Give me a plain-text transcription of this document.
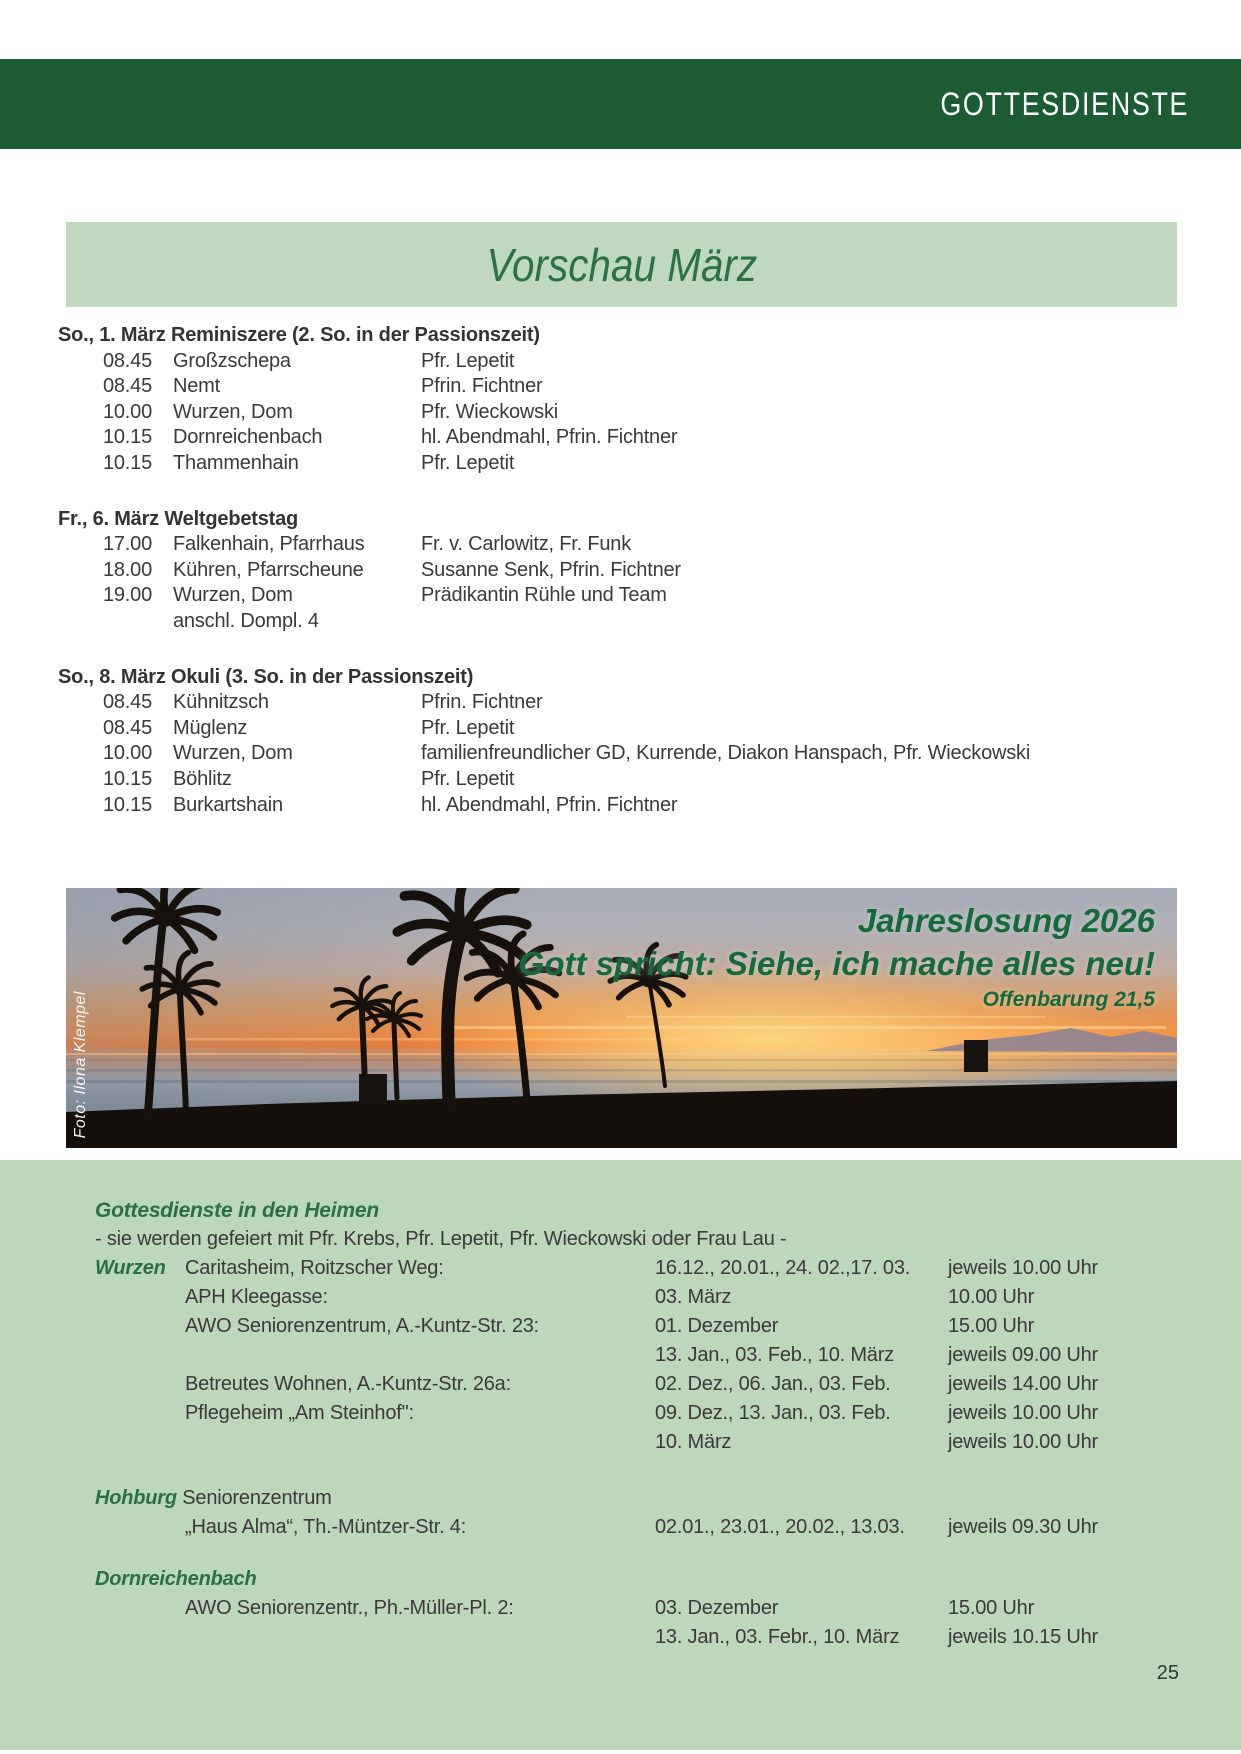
GOTTESDIENSTE
Vorschau März
So., 1. März Reminiszere (2. So. in der Passionszeit)
08.45 Großzschepa	Pfr. Lepetit
08.45 Nemt	Pfrin. Fichtner
10.00 Wurzen, Dom	Pfr. Wieckowski
10.15 Dornreichenbach	hl. Abendmahl, Pfrin. Fichtner
10.15 Thammenhain	Pfr. Lepetit
Fr., 6. März Weltgebetstag
17.00 Falkenhain, Pfarrhaus	Fr. v. Carlowitz, Fr. Funk
18.00 Kühren, Pfarrscheune	Susanne Senk, Pfrin. Fichtner
19.00 Wurzen, Dom	Prädikantin Rühle und Team
anschl. Dompl. 4
So., 8. März Okuli (3. So. in der Passionszeit)
08.45 Kühnitzsch	Pfrin. Fichtner
08.45 Müglenz	Pfr. Lepetit
10.00 Wurzen, Dom	familienfreundlicher GD, Kurrende, Diakon Hanspach, Pfr. Wieckowski
10.15 Böhlitz	Pfr. Lepetit
10.15 Burkartshain	hl. Abendmahl, Pfrin. Fichtner
Jahreslosung 2026
Gott spricht: Siehe, ich mache alles neu!
Offenbarung 21,5
Foto: Ilona Klempel
Gottesdienste in den Heimen
- sie werden gefeiert mit Pfr. Krebs, Pfr. Lepetit, Pfr. Wieckowski oder Frau Lau -
Wurzen Caritasheim, Roitzscher Weg:	16.12., 20.01., 24. 02.,17. 03.	jeweils 10.00 Uhr
APH Kleegasse:	03. März	10.00 Uhr
AWO Seniorenzentrum, A.-Kuntz-Str. 23:	01. Dezember	15.00 Uhr
13. Jan., 03. Feb., 10. März	jeweils 09.00 Uhr
Betreutes Wohnen, A.-Kuntz-Str. 26a:	02. Dez., 06. Jan., 03. Feb.	jeweils 14.00 Uhr
Pflegeheim „Am Steinhof":	09. Dez., 13. Jan., 03. Feb.	jeweils 10.00 Uhr
10. März	jeweils 10.00 Uhr
Hohburg Seniorenzentrum
„Haus Alma“, Th.-Müntzer-Str. 4:	02.01., 23.01., 20.02., 13.03.	jeweils 09.30 Uhr
Dornreichenbach
AWO Seniorenzentr., Ph.-Müller-Pl. 2:	03. Dezember	15.00 Uhr
13. Jan., 03. Febr., 10. März	jeweils 10.15 Uhr
25
